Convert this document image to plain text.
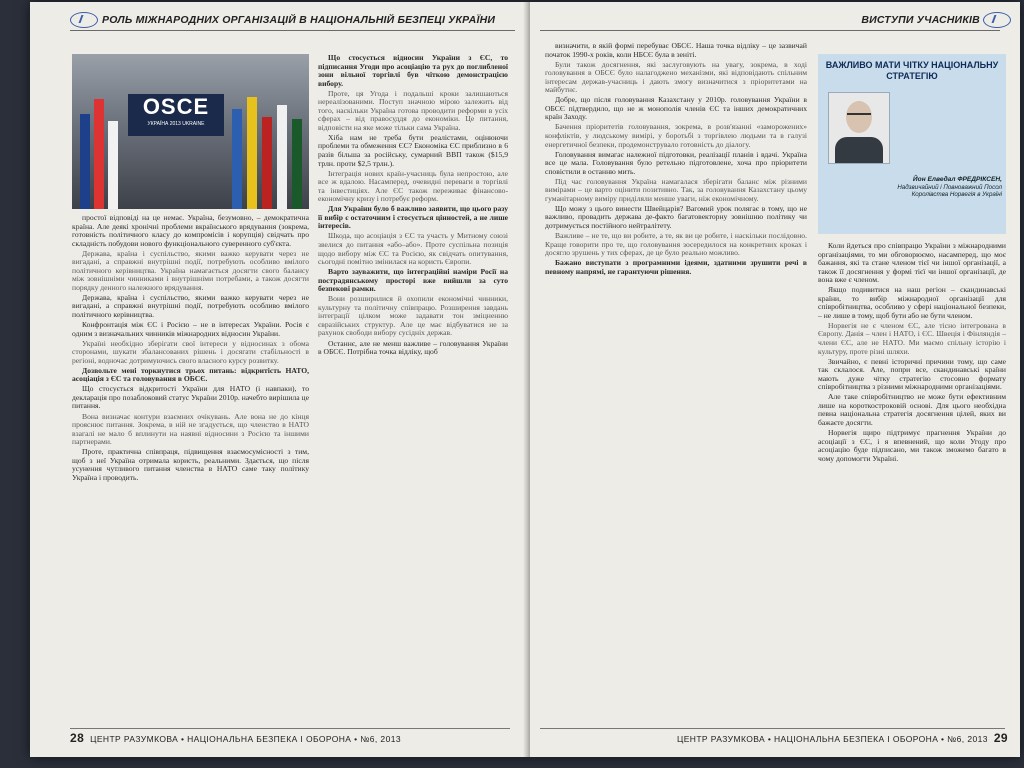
РОЛЬ МІЖНАРОДНИХ ОРГАНІЗАЦІЙ В НАЦІОНАЛЬНІЙ БЕЗПЕЦІ УКРАЇНИ
OSCE
УКРАЇНА 2013 UKRAINE

простої відповіді на це немає. Україна, безумовно, – демократична країна. Але деякі хронічні проблеми вкраїнського врядування (зокрема, готовність політичного класу до компромісів і корупція) свідчать про складність побудови нового функціонального суверенного суб'єкта.

Держава, країна і суспільство, якими важко керувати через не вигадані, а справжні внутрішні події, потребують особливо вмілого політичного керівництва. Україна намагається досягти свого балансу між зовнішніми чинниками і внутрішніми потребами, а також досягти порядку денного належного врядування.

Держава, країна і суспільство, якими важко керувати через не вигадані, а справжні внутрішні події, потребують особливо вмілого політичного керівництва.

Конфронтація між ЄС і Росією – не в інтересах України. Росія є одним з визначальних чинників міжнародних відносин України.

Україні необхідно зберігати свої інтереси у відносинах з обома сторонами, шукати збалансованих рішень і досягати стабільності в регіоні, водночас дотримуючись свого власного курсу розвитку.

Дозвольте мені торкнутися трьох питань: відкритість НАТО, асоціація з ЄС та головування в ОБСЄ.

Що стосується відкритості України для НАТО (і навпаки), то декларація про позаблоковий статус України 2010р. начебто вирішила це питання.

Вона визначає контури взаємних очікувань. Але вона не до кінця прояснює питання. Зокрема, в ній не згадується, що членство в НАТО взагалі не мало б вплинути на наявні відносини з Росією та іншими партнерами.

Проте, практична співпраця, підвищення взаємосумісності з тим, щоб з неї Україна отримала користь, реальними. Здається, що після усунення чутливого питання членства в НАТО саме таку політику Україна і проводить.

Що стосується відносин України з ЄС, то підписання Угоди про асоціацію та рух до поглибленої зони вільної торгівлі був чіткою демонстрацією вибору.

Проте, ця Угода і подальші кроки залишаються нереалізованими. Поступ значною мірою залежить від того, наскільки Україна готова проводити реформи в усіх сферах – від правосуддя до економіки. Це питання, відповісти на яке може тільки сама Україна.

Хіба нам не треба бути реалістами, оцінюючи проблеми та обмеження ЄС? Економіка ЄС приблизно в 6 разів більша за російську, сумарний ВВП також ($15,9 трлн. проти $2,5 трлн.).

Інтеграція нових країн-учасниць була непростою, але все ж вдалою. Насамперед, очевидні переваги в торгівлі та інвестиціях. Але ЄС також переживає фінансово-економічну кризу і потребує реформ.

Для України було б важливо заявити, що цього разу її вибір є остаточним і стосується цінностей, а не лише інтересів.

Шкода, що асоціація з ЄС та участь у Митному союзі звелися до питання «або–або». Проте суспільна позиція щодо вибору між ЄС та Росією, як свідчать опитування, сьогодні помітно змінилася на користь Європи.

Варто зауважити, що інтеграційні наміри Росії на пострадянському просторі вже вийшли за суто безпекові рамки.

Вони розширилися й охопили економічні чинники, культурну та політичну співпрацю. Розширення завдань інтеграції цілком може задавати тон зміцненню євразійських структур. Але це має відбуватися не за рахунок свободи вибору сусідніх держав.

Останнє, але не менш важливе – головування України в ОБСЄ. Потрібна точка відліку, щоб

28 ЦЕНТР РАЗУМКОВА • НАЦІОНАЛЬНА БЕЗПЕКА І ОБОРОНА • №6, 2013
ВИСТУПИ УЧАСНИКІВ

визначити, в якій формі перебуває ОБСЄ. Наша точка відліку – це зазвичай початок 1990-х років, коли НБСЄ була в зеніті.

Були також досягнення, які заслуговують на увагу, зокрема, в ході головування в ОБСЄ було налагоджено механізми, які відповідають спільним інтересам держав-учасниць і дають змогу визначитися з пріоритетами на майбутнє.

Добре, що після головування Казахстану у 2010р. головування України в ОБСЄ підтвердило, що не ж монополія членів ЄС та інших демократичних країн Заходу.

Бачення пріоритетів головування, зокрема, в розв'язанні «заморожених» конфліктів, у людському вимірі, у боротьбі з торгівлею людьми та в галузі енергетичної безпеки, продемонструвало готовність до діалогу.

Головування вимагає належної підготовки, реалізації планів і вдачі. Україна все це мала. Головування було ретельно підготовлене, хоча про пріоритети сповістили в останню мить.

Під час головування Україна намагалася зберігати баланс між різними вимірами – це варто оцінити позитивно. Так, за головування Казахстану цьому гуманітарному виміру приділяли менше уваги, ніж економічному.

Що можу з цього винести Швейцарія? Вагомий урок полягає в тому, що не важливо, провадить держава де-факто багатовекторну зовнішню політику чи дотримується постійного нейтралітету.

Важливе – не те, що ви робите, а те, як ви це робите, і наскільки послідовно. Краще говорити про те, що головування зосередилося на конкретних кроках і досягло зрушень у тих сферах, де це було реально можливо.

Бажано виступати з програмними ідеями, здатними зрушити речі в певному напрямі, не гарантуючи рішення.

ВАЖЛИВО МАТИ ЧІТКУ НАЦІОНАЛЬНУ СТРАТЕГІЮ
Йон Елведал ФРЕДРІКСЕН,
Надзвичайний і Повноважний Посол Королівства Норвегія в Україні

Коли йдеться про співпрацю України з міжнародними організаціями, то ми обговорюємо, насамперед, що моє бажання, які та стане членом тієї чи іншої організації, а також її досягнення у формі тієї чи іншої організації, де вона вже є членом.

Якщо подивитися на наш регіон – скандинавські країни, то вибір міжнародної організації для співробітництва, особливо у сфері національної безпеки, – не лише в тому, щоб бути або не бути членом.

Норвегія не є членом ЄС, але тісно інтегрована в Європу. Данія – член і НАТО, і ЄС. Швеція і Фінляндія – члени ЄС, але не НАТО. Ми маємо спільну історію і культуру, проте різні шляхи.

Звичайно, є певні історичні причини тому, що саме так склалося. Але, попри все, скандинавські країни мають дуже чітку стратегію стосовно формату співробітництва з різними міжнародними організаціями.

Але таке співробітництво не може бути ефективним лише на короткостроковій основі. Для цього необхідна певна національна стратегія досягнення цілей, яких ви бажаєте досягти.

Норвегія щиро підтримує прагнення України до асоціації з ЄС, і я впевнений, що коли Угоду про асоціацію буде підписано, ми також зможемо багато в чому допомогти Україні.

ЦЕНТР РАЗУМКОВА • НАЦІОНАЛЬНА БЕЗПЕКА І ОБОРОНА • №6, 2013 29
